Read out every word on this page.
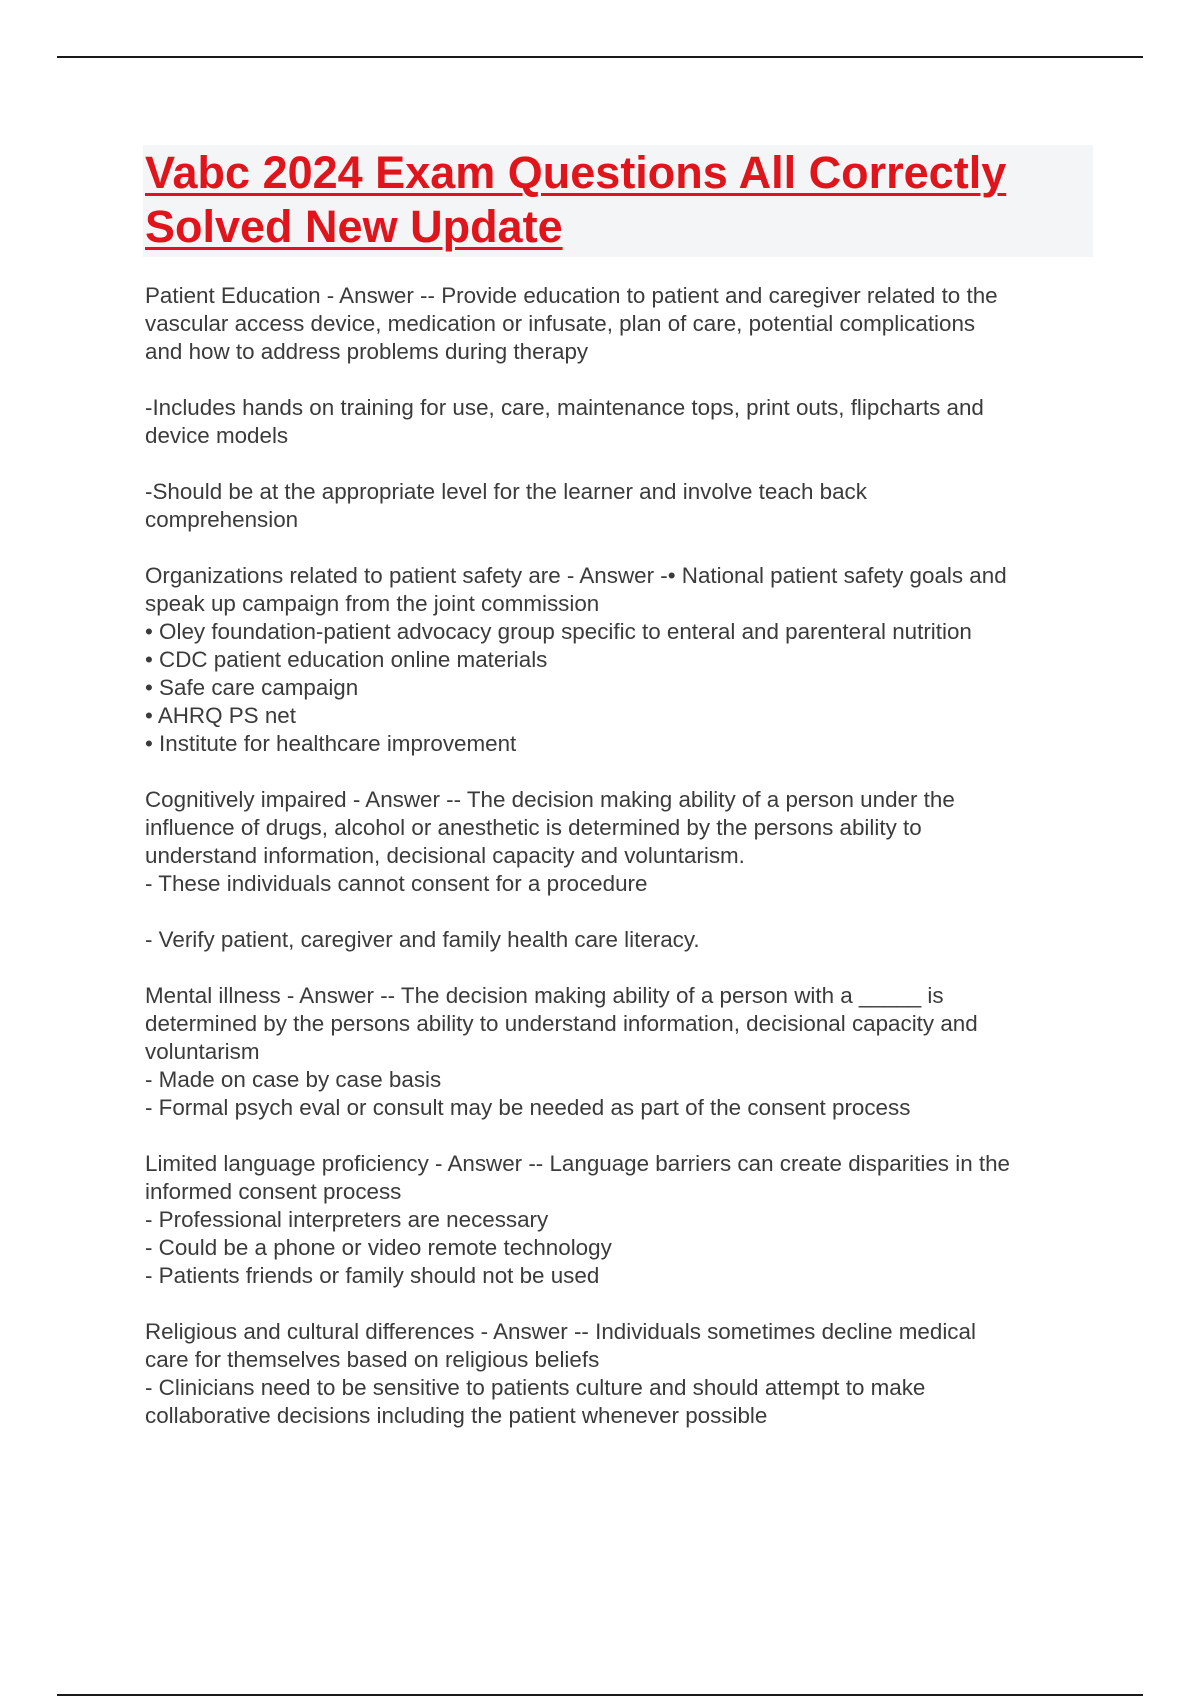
Vabc 2024 Exam Questions All Correctly
Solved New Update
Patient Education - Answer -- Provide education to patient and caregiver related to the
vascular access device, medication or infusate, plan of care, potential complications
and how to address problems during therapy
-Includes hands on training for use, care, maintenance tops, print outs, flipcharts and
device models
-Should be at the appropriate level for the learner and involve teach back
comprehension
Organizations related to patient safety are - Answer -• National patient safety goals and
speak up campaign from the joint commission
• Oley foundation-patient advocacy group specific to enteral and parenteral nutrition
• CDC patient education online materials
• Safe care campaign
• AHRQ PS net
• Institute for healthcare improvement
Cognitively impaired - Answer -- The decision making ability of a person under the
influence of drugs, alcohol or anesthetic is determined by the persons ability to
understand information, decisional capacity and voluntarism.
- These individuals cannot consent for a procedure
- Verify patient, caregiver and family health care literacy.
Mental illness - Answer -- The decision making ability of a person with a _____ is
determined by the persons ability to understand information, decisional capacity and
voluntarism
- Made on case by case basis
- Formal psych eval or consult may be needed as part of the consent process
Limited language proficiency - Answer -- Language barriers can create disparities in the
informed consent process
- Professional interpreters are necessary
- Could be a phone or video remote technology
- Patients friends or family should not be used
Religious and cultural differences - Answer -- Individuals sometimes decline medical
care for themselves based on religious beliefs
- Clinicians need to be sensitive to patients culture and should attempt to make
collaborative decisions including the patient whenever possible
